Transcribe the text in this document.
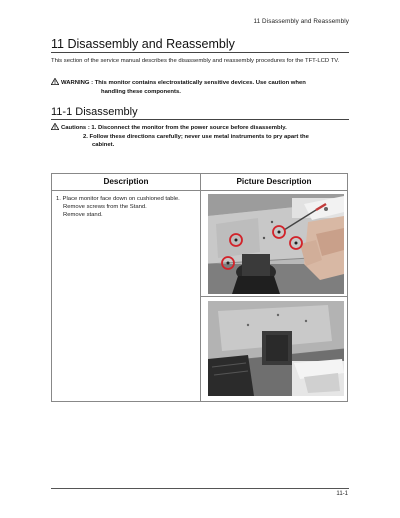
11 Disassembly and Reassembly
11 Disassembly and Reassembly
This section of the service manual describes the disassembly and reassembly procedures for the TFT-LCD TV.
WARNING : This monitor contains electrostatically sensitive devices. Use caution when
handling these components.
11-1 Disassembly
Cautions : 1. Disconnect the monitor from the power source before disassembly.
2. Follow these directions carefully; never use metal instruments to pry apart the
cabinet.
Description	Picture Description
1. Place monitor face down on cushioned table.
Remove screws from the Stand.
Remove stand.
11-1
